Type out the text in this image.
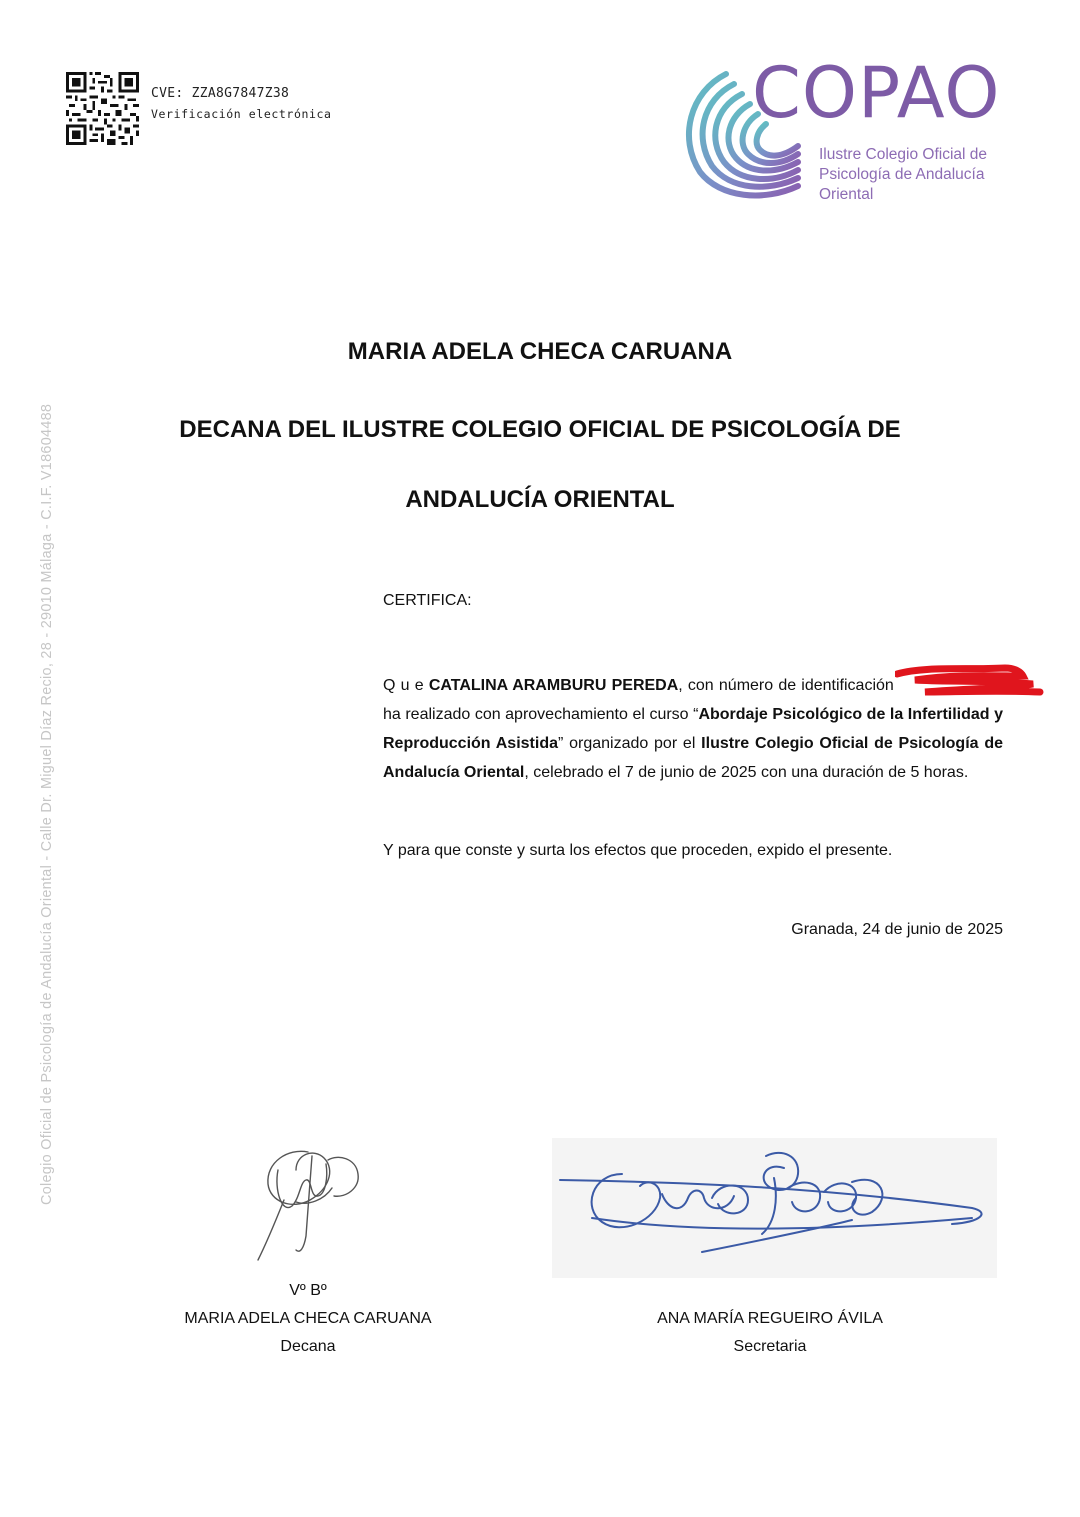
CVE: ZZA8G7847Z38
Verificación electrónica	COPAO
Ilustre Colegio Oficial de
Psicología de Andalucía
Oriental
Colegio Oficial de Psicología de Andalucía Oriental - Calle Dr. Miguel Díaz Recio, 28 - 29010 Málaga - C.I.F. V18604488
MARIA ADELA CHECA CARUANA
DECANA DEL ILUSTRE COLEGIO OFICIAL DE PSICOLOGÍA DE
ANDALUCÍA ORIENTAL
CERTIFICA:
Q u e CATALINA ARAMBURU PEREDA, con número de identificación
ha realizado con aprovechamiento el curso “Abordaje Psicológico de la Infertilidad y Reproducción Asistida” organizado por el Ilustre Colegio Oficial de Psicología de Andalucía Oriental, celebrado el 7 de junio de 2025 con una duración de 5 horas.
Y para que conste y surta los efectos que proceden, expido el presente.
Granada, 24 de junio de 2025
Vº Bº
MARIA ADELA CHECA CARUANA
Decana
ANA MARÍA REGUEIRO ÁVILA
Secretaria
